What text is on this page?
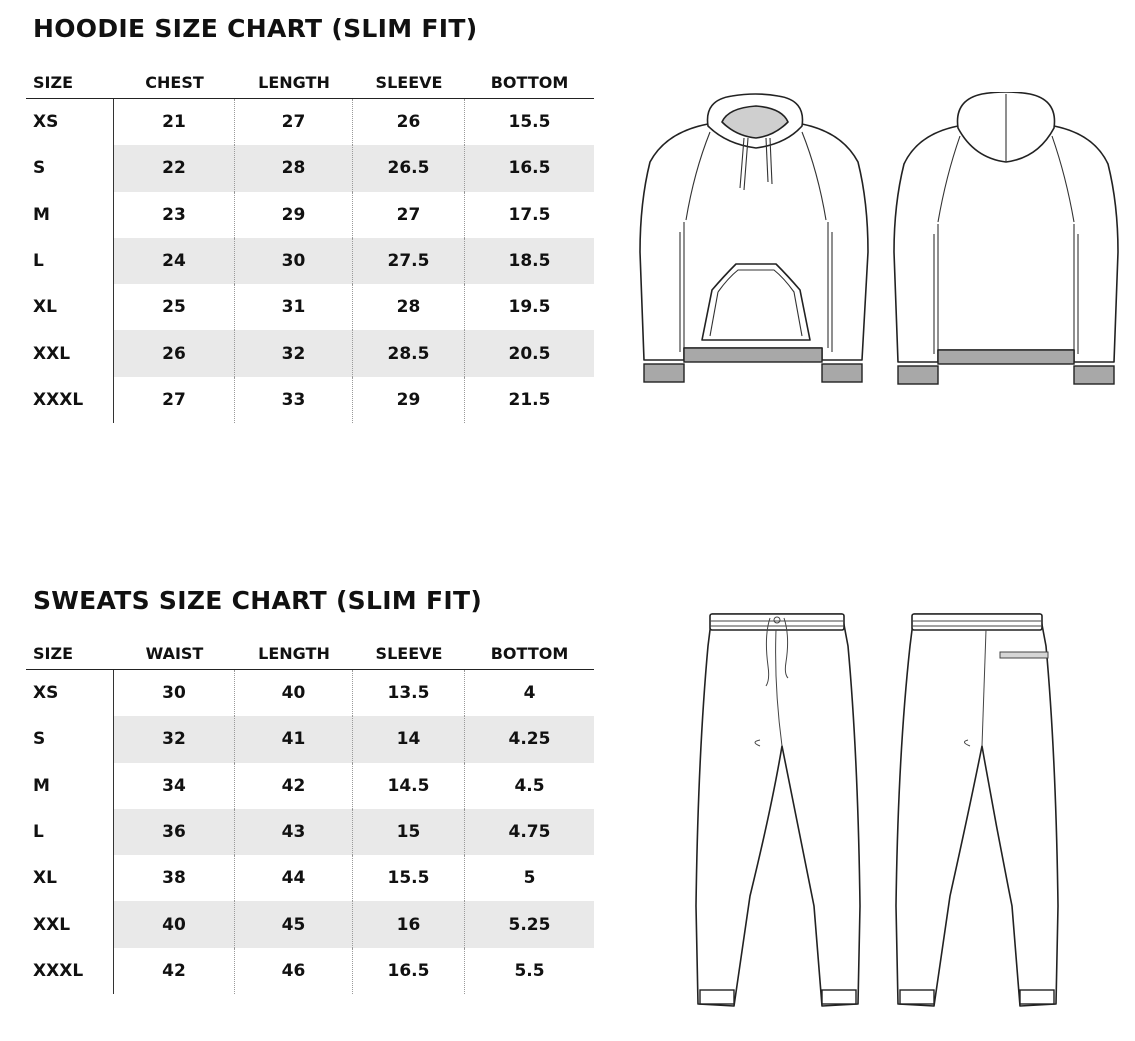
HOODIE SIZE CHART (SLIM FIT)
SIZE	CHEST	LENGTH	SLEEVE	BOTTOM
XS	21	27	26	15.5
S	22	28	26.5	16.5
M	23	29	27	17.5
L	24	30	27.5	18.5
XL	25	31	28	19.5
XXL	26	32	28.5	20.5
XXXL	27	33	29	21.5
SWEATS SIZE CHART (SLIM FIT)
SIZE	WAIST	LENGTH	SLEEVE	BOTTOM
XS	30	40	13.5	4
S	32	41	14	4.25
M	34	42	14.5	4.5
L	36	43	15	4.75
XL	38	44	15.5	5
XXL	40	45	16	5.25
XXXL	42	46	16.5	5.5
